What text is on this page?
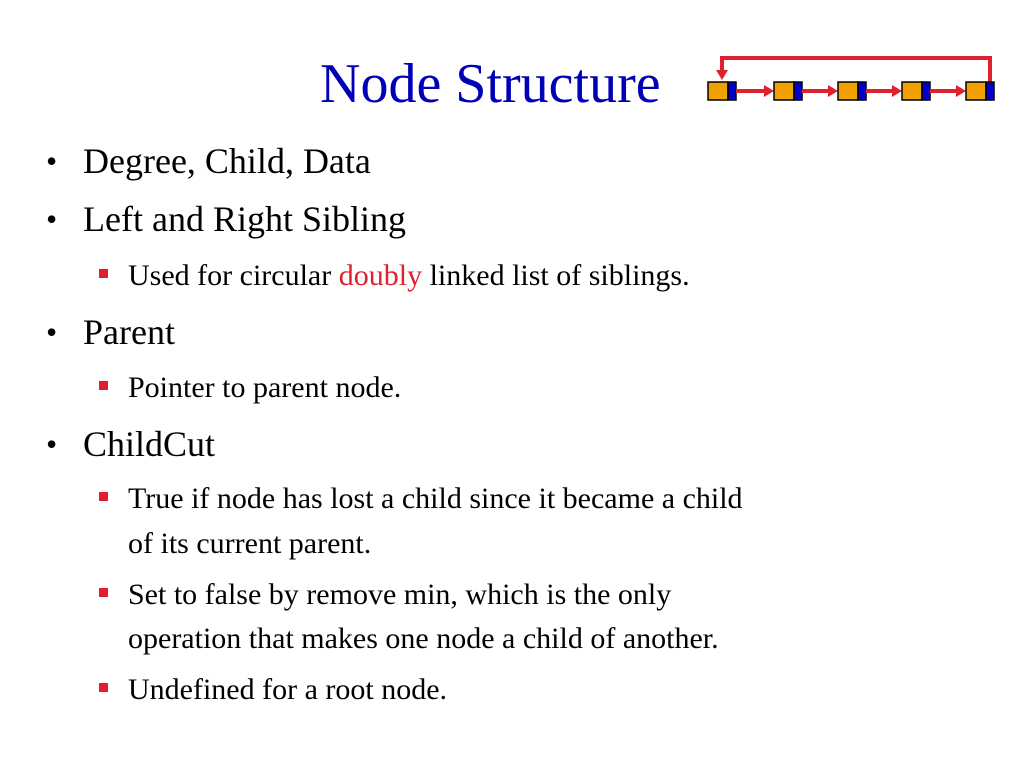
Node Structure
• Degree, Child, Data
• Left and Right Sibling
Used for circular doubly linked list of siblings.
• Parent
Pointer to parent node.
• ChildCut
True if node has lost a child since it became a child
of its current parent.
Set to false by remove min, which is the only
operation that makes one node a child of another.
Undefined for a root node.
